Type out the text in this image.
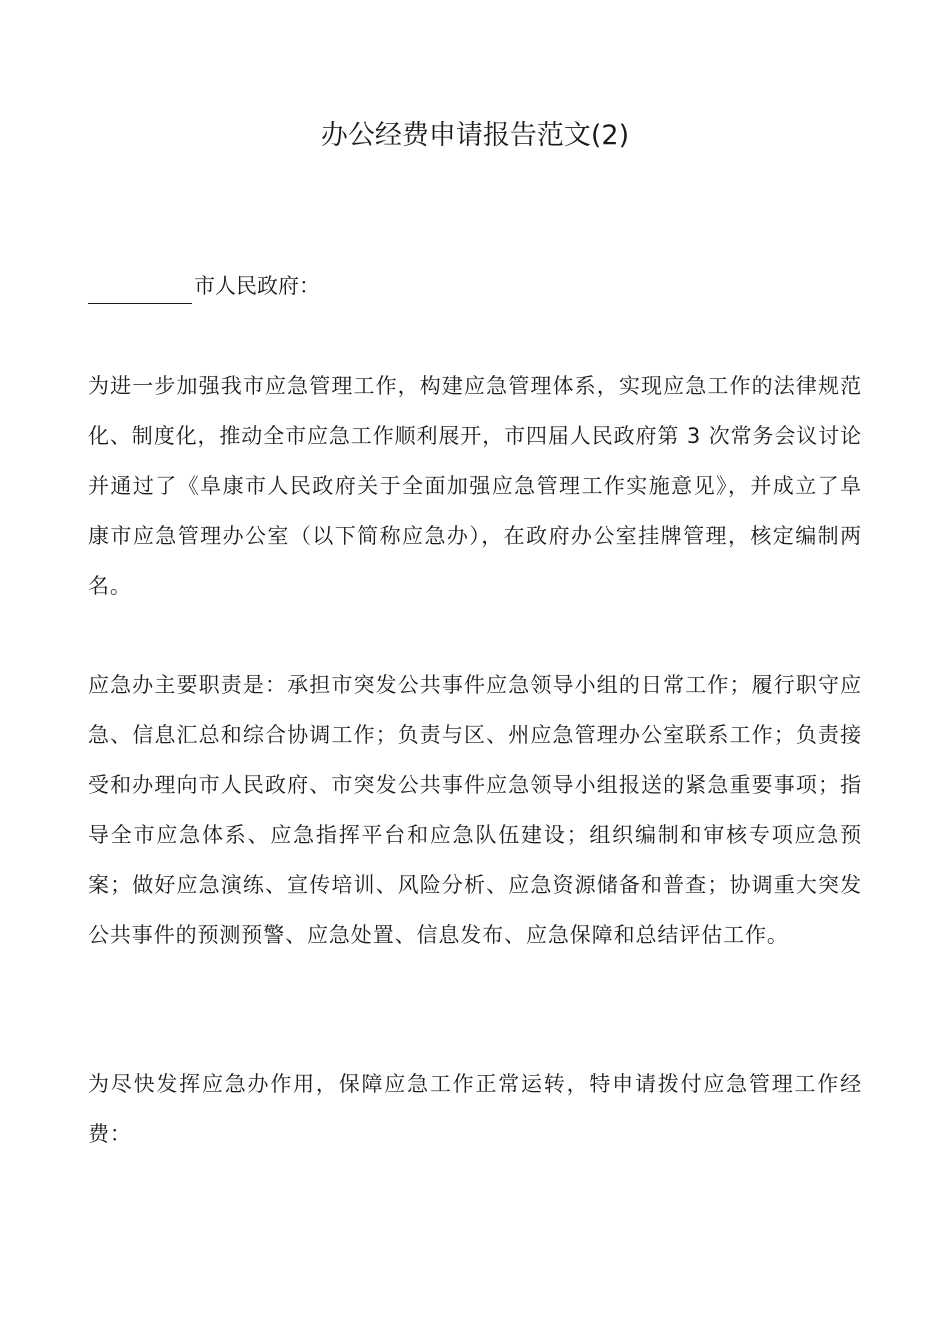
办公经费申请报告范文(2)

市人民政府：

为进一步加强我市应急管理工作，构建应急管理体系，实现应急工作的法律规范化、制度化，推动全市应急工作顺利展开，市四届人民政府第 3 次常务会议讨论并通过了《阜康市人民政府关于全面加强应急管理工作实施意见》，并成立了阜康市应急管理办公室（以下简称应急办），在政府办公室挂牌管理，核定编制两名。

应急办主要职责是：承担市突发公共事件应急领导小组的日常工作；履行职守应急、信息汇总和综合协调工作；负责与区、州应急管理办公室联系工作；负责接受和办理向市人民政府、市突发公共事件应急领导小组报送的紧急重要事项；指导全市应急体系、应急指挥平台和应急队伍建设；组织编制和审核专项应急预案；做好应急演练、宣传培训、风险分析、应急资源储备和普查；协调重大突发公共事件的预测预警、应急处置、信息发布、应急保障和总结评估工作。

为尽快发挥应急办作用，保障应急工作正常运转，特申请拨付应急管理工作经费：
